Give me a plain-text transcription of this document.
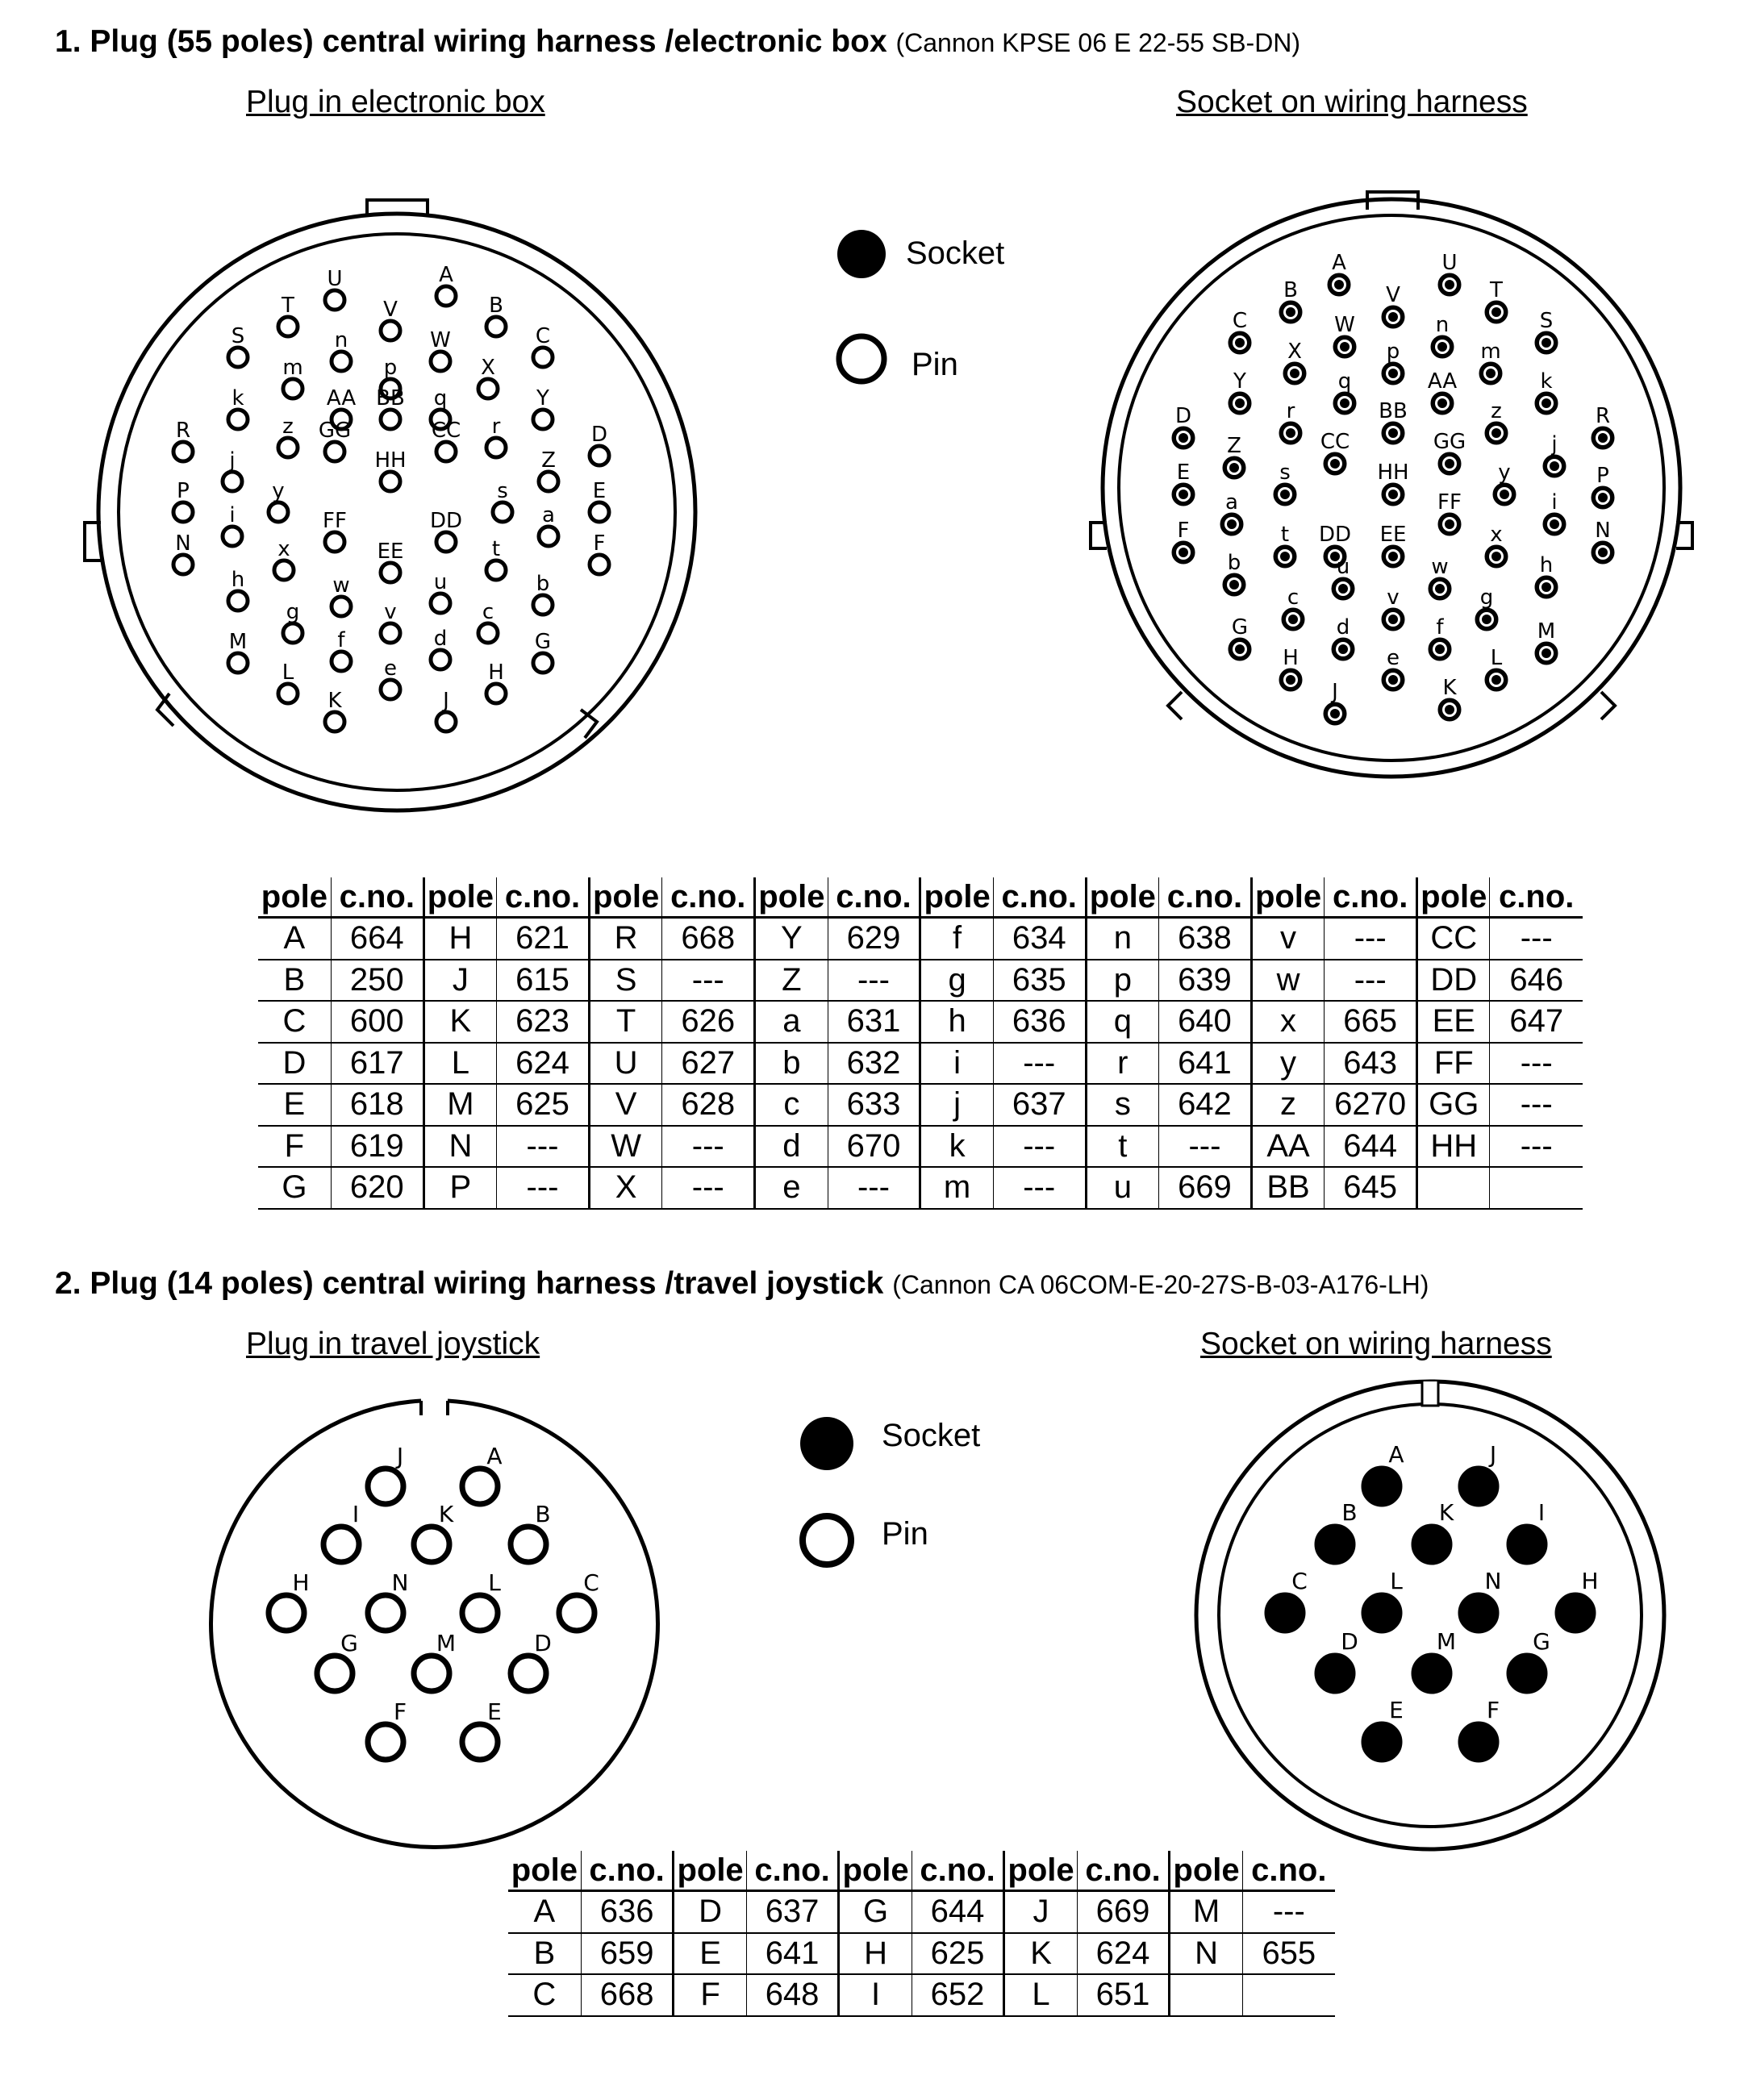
1. Plug (55 poles) central wiring harness /electronic box (Cannon KPSE 06 E 22-55 SB-DN)
Plug in electronic box	Socket on wiring harness
U	A
T	V	B
S	n	W	C
m	p	X
AA BB q
k	Y
z GG	CC r
R	D
j	HH	Z
y	s
P	E
a
i	FF	DD
N	F
x	t
EE
h	u	b
w
g	v	c
M	f	d	G
e
L	H
K	J
A	U
B	V	T
C	W	n	S
X	p	m
q	AA	k
Y
BB
r	z
D	R
CC	GG	j
Z
HH
s	y
E	P
a	FF
DD EE
i
F	N
t	x
u	w
b	h
c	v	g
d	f
G	M
e
H	L
J	K
J	A
I	K	B
H	N	L	C
G	M	D
F	E
A	J
B	K	I
C	L	N	H
D	M	G
E	F
Socket
Pin
pole	c.no.	pole	c.no.	pole	c.no.	pole	c.no.	pole	c.no.	pole	c.no.	pole	c.no.	pole	c.no.
A	664	H	621	R	668	Y	629	f	634	n	638	v	---	CC	---
B	250	J	615	S	---	Z	---	g	635	p	639	w	---	DD	646
C	600	K	623	T	626	a	631	h	636	q	640	x	665	EE	647
D	617	L	624	U	627	b	632	i	---	r	641	y	643	FF	---
E	618	M	625	V	628	c	633	j	637	s	642	z	6270	GG	---
F	619	N	---	W	---	d	670	k	---	t	---	AA	644	HH	---
G	620	P	---	X	---	e	---	m	---	u	669	BB	645		
2. Plug (14 poles) central wiring harness /travel joystick (Cannon CA 06COM-E-20-27S-B-03-A176-LH)
Plug in travel joystick	Socket on wiring harness
Socket
Pin
pole	c.no.	pole	c.no.	pole	c.no.	pole	c.no.	pole	c.no.
A	636	D	637	G	644	J	669	M	---
B	659	E	641	H	625	K	624	N	655
C	668	F	648	I	652	L	651		
